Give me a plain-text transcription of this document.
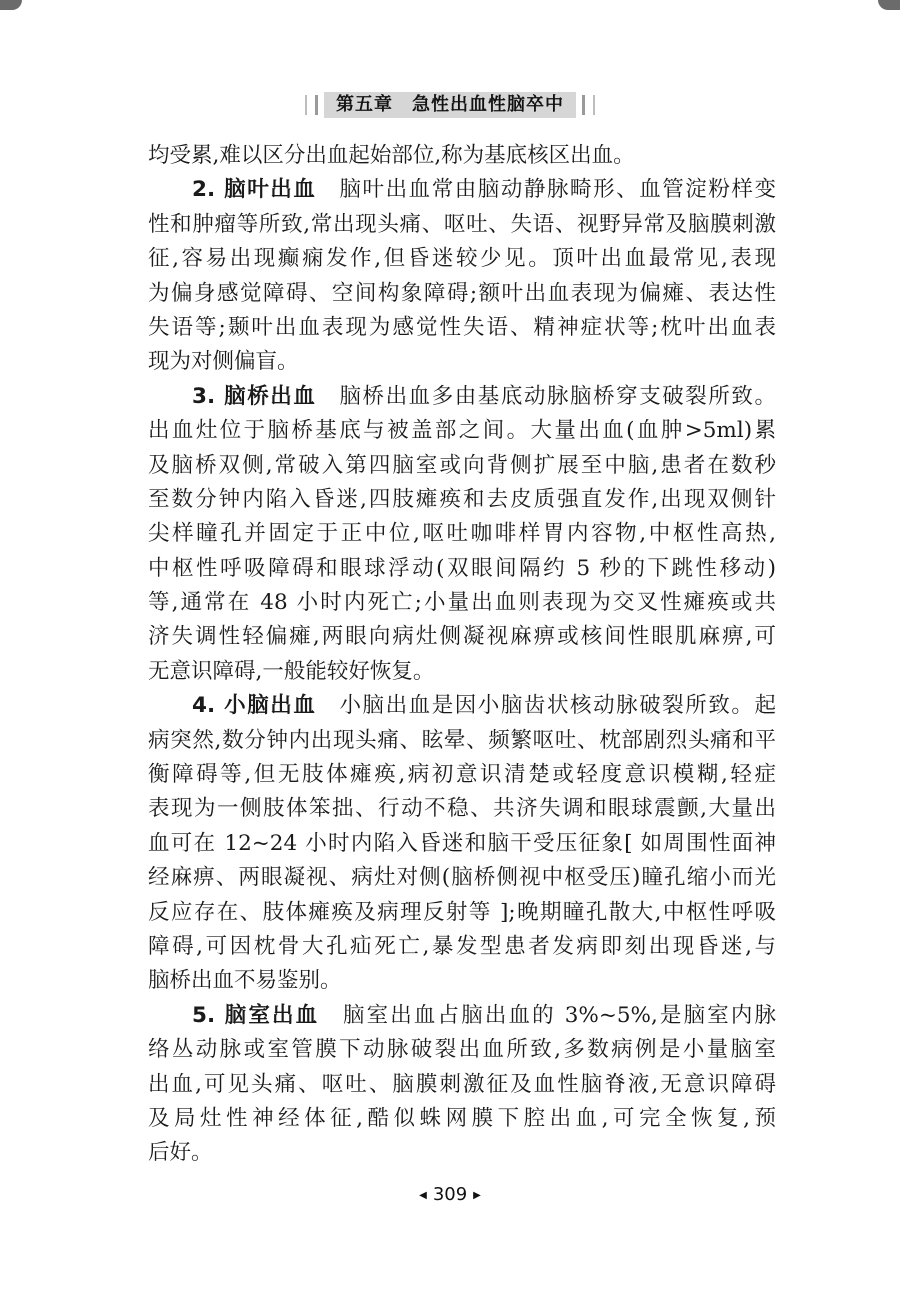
第五章　急性出血性脑卒中
均受累,难以区分出血起始部位,称为基底核区出血。
2. 脑叶出血　 脑叶出血常由脑动静脉畸形、血管淀粉样变
性和肿瘤等所致,常出现头痛、呕吐、失语、视野异常及脑膜刺激
征,容易出现癫痫发作,但昏迷较少见。顶叶出血最常见,表现
为偏身感觉障碍、空间构象障碍;额叶出血表现为偏瘫、表达性
失语等;颞叶出血表现为感觉性失语、精神症状等;枕叶出血表
现为对侧偏盲。
3. 脑桥出血　 脑桥出血多由基底动脉脑桥穿支破裂所致。
出血灶位于脑桥基底与被盖部之间。大量出血(血肿>5ml)累
及脑桥双侧,常破入第四脑室或向背侧扩展至中脑,患者在数秒
至数分钟内陷入昏迷,四肢瘫痪和去皮质强直发作,出现双侧针
尖样瞳孔并固定于正中位,呕吐咖啡样胃内容物,中枢性高热,
中枢性呼吸障碍和眼球浮动(双眼间隔约 5 秒的下跳性移动)
等,通常在 48 小时内死亡;小量出血则表现为交叉性瘫痪或共
济失调性轻偏瘫,两眼向病灶侧凝视麻痹或核间性眼肌麻痹,可
无意识障碍,一般能较好恢复。
4. 小脑出血　 小脑出血是因小脑齿状核动脉破裂所致。起
病突然,数分钟内出现头痛、眩晕、频繁呕吐、枕部剧烈头痛和平
衡障碍等,但无肢体瘫痪,病初意识清楚或轻度意识模糊,轻症
表现为一侧肢体笨拙、行动不稳、共济失调和眼球震颤,大量出
血可在 12~24 小时内陷入昏迷和脑干受压征象[ 如周围性面神
经麻痹、两眼凝视、病灶对侧(脑桥侧视中枢受压)瞳孔缩小而光
反应存在、肢体瘫痪及病理反射等 ];晚期瞳孔散大,中枢性呼吸
障碍,可因枕骨大孔疝死亡,暴发型患者发病即刻出现昏迷,与
脑桥出血不易鉴别。
5. 脑室出血　 脑室出血占脑出血的 3%~5%,是脑室内脉
络丛动脉或室管膜下动脉破裂出血所致,多数病例是小量脑室
出血,可见头痛、呕吐、脑膜刺激征及血性脑脊液,无意识障碍
及局灶性神经体征,酷似蛛网膜下腔出血,可完全恢复,预
后好。
◀ 309 ▶
